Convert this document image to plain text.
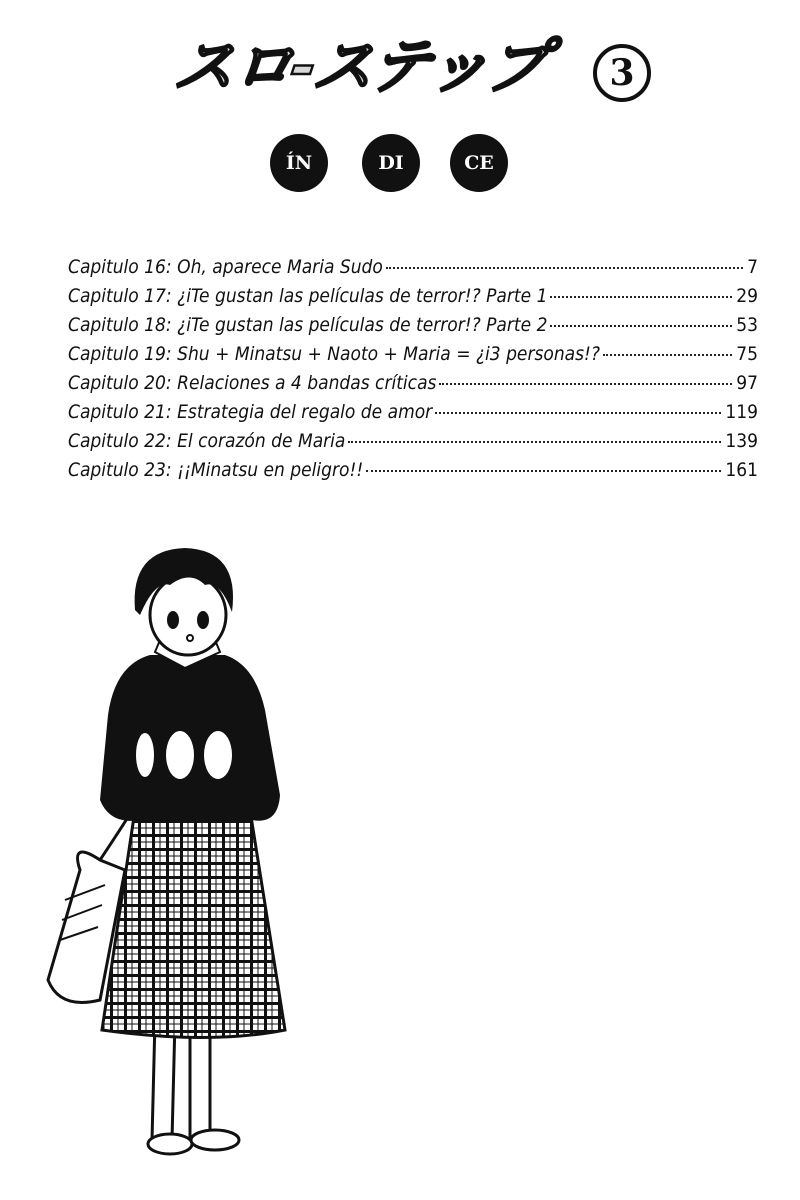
スロ-ステップ	3
ÍN	DI	CE
Capitulo 16: Oh, aparece Maria Sudo	7
Capitulo 17: ¿iTe gustan las películas de terror!? Parte 1	29
Capitulo 18: ¿iTe gustan las películas de terror!? Parte 2	53
Capitulo 19: Shu + Minatsu + Naoto + Maria = ¿i3 personas!?	75
Capitulo 20: Relaciones a 4 bandas críticas	97
Capitulo 21: Estrategia del regalo de amor	119
Capitulo 22: El corazón de Maria	139
Capitulo 23: ¡¡Minatsu en peligro!!	161
